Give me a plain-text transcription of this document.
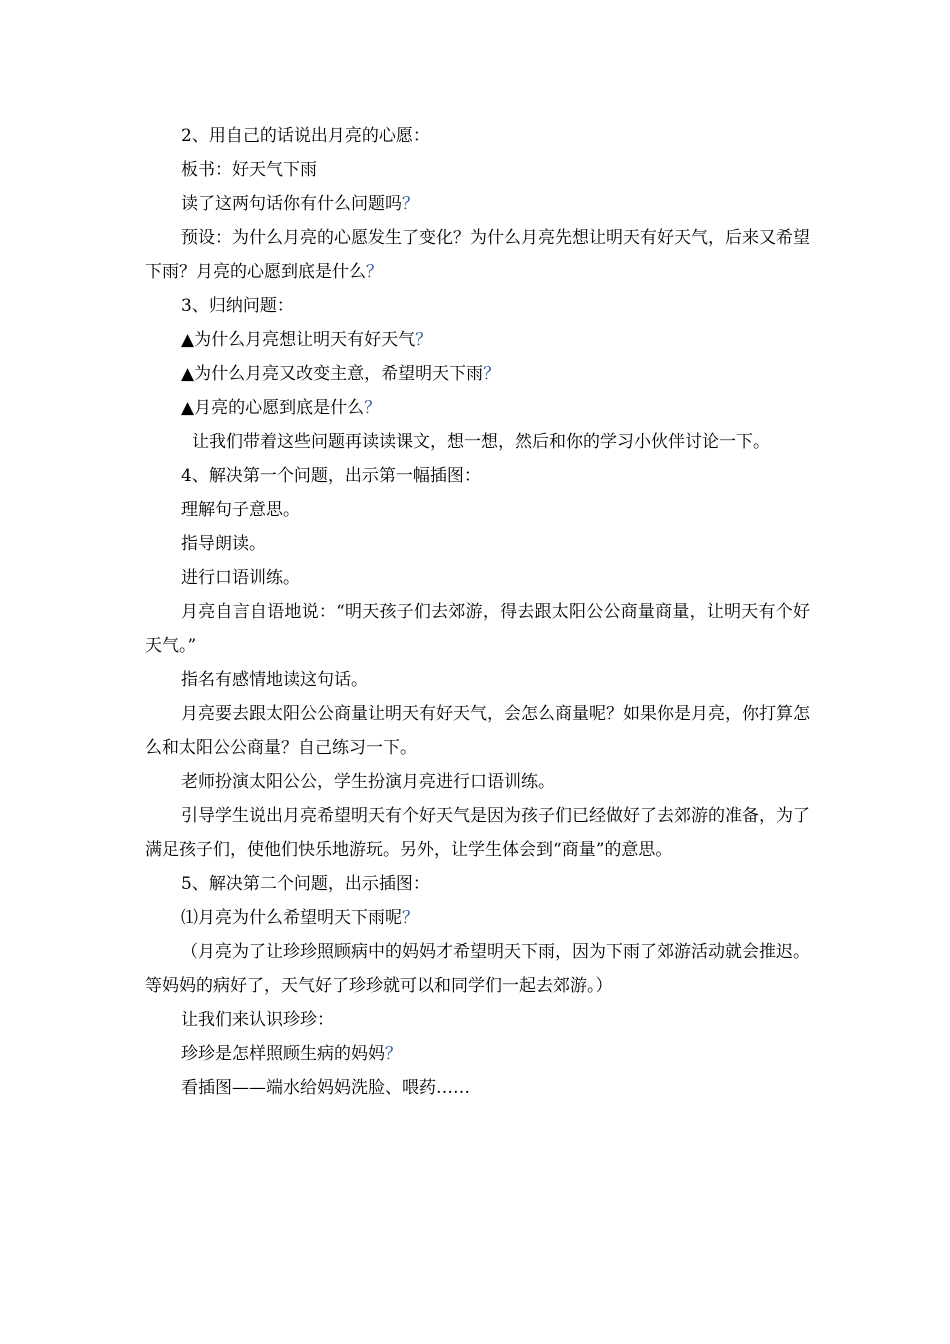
2、用自己的话说出月亮的心愿：

板书：好天气下雨

读了这两句话你有什么问题吗？

预设：为什么月亮的心愿发生了变化？为什么月亮先想让明天有好天气，后来又希望下雨？月亮的心愿到底是什么？

3、归纳问题：

▲为什么月亮想让明天有好天气？

▲为什么月亮又改变主意，希望明天下雨？

▲月亮的心愿到底是什么？

让我们带着这些问题再读读课文，想一想，然后和你的学习小伙伴讨论一下。

4、解决第一个问题，出示第一幅插图：

理解句子意思。

指导朗读。

进行口语训练。

月亮自言自语地说：“明天孩子们去郊游，得去跟太阳公公商量商量，让明天有个好天气。”

指名有感情地读这句话。

月亮要去跟太阳公公商量让明天有好天气，会怎么商量呢？如果你是月亮，你打算怎么和太阳公公商量？自己练习一下。

老师扮演太阳公公，学生扮演月亮进行口语训练。

引导学生说出月亮希望明天有个好天气是因为孩子们已经做好了去郊游的准备，为了满足孩子们，使他们快乐地游玩。另外，让学生体会到“商量”的意思。

5、解决第二个问题，出示插图：

⑴月亮为什么希望明天下雨呢？

（月亮为了让珍珍照顾病中的妈妈才希望明天下雨，因为下雨了郊游活动就会推迟。等妈妈的病好了，天气好了珍珍就可以和同学们一起去郊游。）

让我们来认识珍珍：

珍珍是怎样照顾生病的妈妈？

看插图——端水给妈妈洗脸、喂药……
